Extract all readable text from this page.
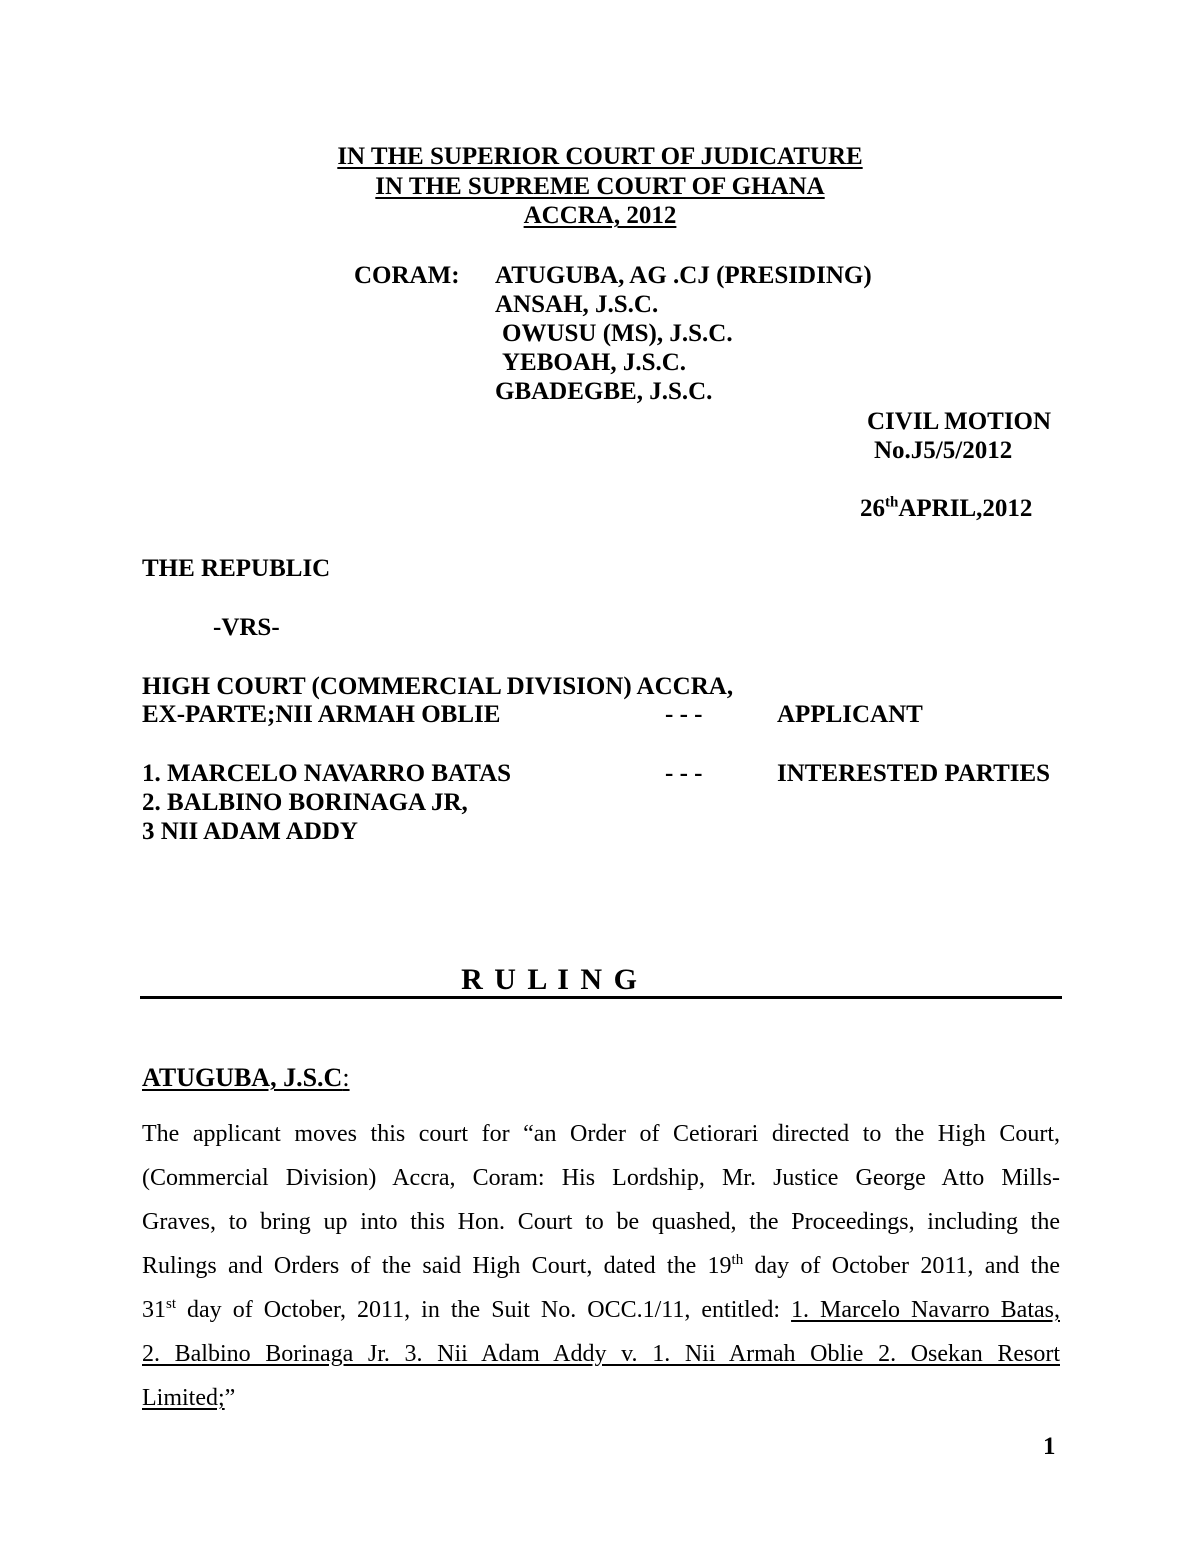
IN THE SUPERIOR COURT OF JUDICATURE
IN THE SUPREME COURT OF GHANA
ACCRA, 2012
CORAM: ATUGUBA, AG .CJ (PRESIDING)
ANSAH, J.S.C.
OWUSU (MS), J.S.C.
YEBOAH, J.S.C.
GBADEGBE, J.S.C.
CIVIL MOTION
No.J5/5/2012
26thAPRIL,2012
THE REPUBLIC
-VRS-
HIGH COURT (COMMERCIAL DIVISION) ACCRA,
EX-PARTE;NII ARMAH OBLIE	- - -	APPLICANT
1. MARCELO NAVARRO BATAS	- - -	INTERESTED PARTIES
2. BALBINO BORINAGA JR,
3 NII ADAM ADDY
R U L I N G
ATUGUBA, J.S.C:
The applicant moves this court for “an Order of Cetiorari directed to the High Court,
(Commercial Division) Accra, Coram: His Lordship, Mr. Justice George Atto Mills-
Graves, to bring up into this Hon. Court to be quashed, the Proceedings, including the
Rulings and Orders of the said High Court, dated the 19th day of October 2011, and the
31st day of October, 2011, in the Suit No. OCC.1/11, entitled: 1. Marcelo Navarro Batas,
2. Balbino Borinaga Jr. 3. Nii Adam Addy v. 1. Nii Armah Oblie 2. Osekan Resort
Limited;”
1
